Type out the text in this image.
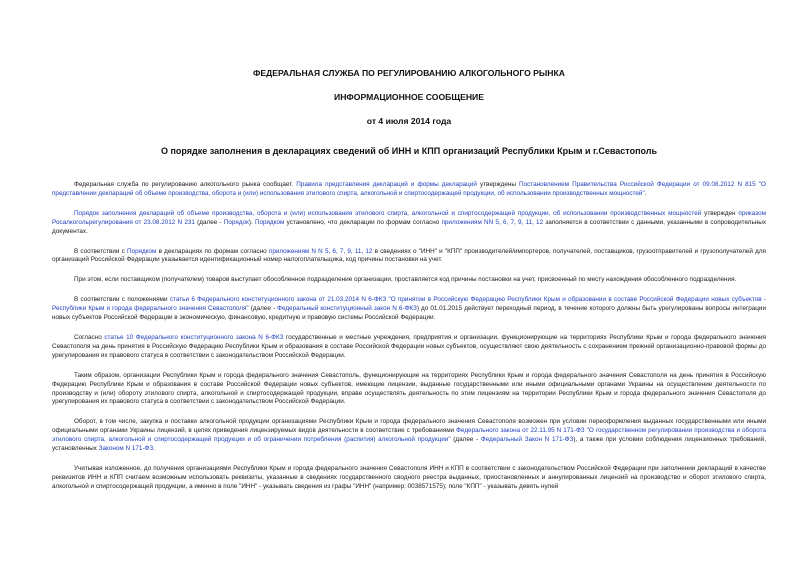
ФЕДЕРАЛЬНАЯ СЛУЖБА ПО РЕГУЛИРОВАНИЮ АЛКОГОЛЬНОГО РЫНКА
ИНФОРМАЦИОННОЕ СООБЩЕНИЕ
от 4 июля 2014 года
О порядке заполнения в декларациях сведений об ИНН и КПП организаций Республики Крым и г.Севастополь
Федеральная служба по регулированию алкогольного рынка сообщает. Правила представления деклараций и формы деклараций утверждены Постановлением Правительства Российской Федерации от 09.08.2012 N 815 "О представлении деклараций об объеме производства, оборота и (или) использования этилового спирта, алкогольной и спиртосодержащей продукции, об использовании производственных мощностей".
Порядок заполнения деклараций об объеме производства, оборота и (или) использования этилового спирта, алкогольной и спиртосодержащей продукции, об использовании производственных мощностей утвержден приказом Росалкогольрегулирования от 23.08.2012 N 231 (далее - Порядок). Порядком установлено, что декларации по формам согласно приложениям NN 5, 6, 7, 9, 11, 12 заполняется в соответствии с данными, указанными в сопроводительных документах.
В соответствии с Порядком в декларациях по формам согласно приложениям N N 5, 6, 7, 9, 11, 12 в сведениях о "ИНН" и "КПП" производителей/импортеров, получателей, поставщиков, грузоотправителей и грузополучателей для организаций Российской Федерации указывается идентификационный номер налогоплательщика, код причины постановки на учет.
При этом, если поставщиком (получателем) товаров выступает обособленное подразделение организации, проставляется код причины постановки на учет, присвоенный по месту нахождения обособленного подразделения.
В соответствии с положениями статьи 6 Федерального конституционного закона от 21.03.2014 N 6-ФКЗ "О принятии в Российскую Федерацию Республики Крым и образовании в составе Российской Федерации новых субъектов - Республики Крым и города федерального значения Севастополя" (далее - Федеральный конституционный закон N 6-ФКЗ) до 01.01.2015 действует переходный период, в течение которого должны быть урегулированы вопросы интеграции новых субъектов Российской Федерации в экономическую, финансовую, кредитную и правовую системы Российской Федерации.
Согласно статье 10 Федерального конституционного закона N 6-ФКЗ государственные и местные учреждения, предприятия и организации, функционирующие на территориях Республики Крым и города федерального значения Севастополя на день принятия в Российскую Федерацию Республики Крым и образования в составе Российской Федерации новых субъектов, осуществляют свою деятельность с сохранением прежней организационно-правовой формы до урегулирования их правового статуса в соответствии с законодательством Российской Федерации.
Таким образом, организации Республики Крым и города федерального значения Севастополь, функционирующие на территориях Республики Крым и города федерального значения Севастополя на день принятия в Российскую Федерацию Республики Крым и образования в составе Российской Федерации новых субъектов, имеющие лицензии, выданные государственными или иными официальными органами Украины на осуществление деятельности по производству и (или) обороту этилового спирта, алкогольной и спиртосодержащей продукции, вправе осуществлять деятельность по этим лицензиям на территории Республики Крым и города федерального значения Севастополя до урегулирования их правового статуса в соответствии с законодательством Российской Федерации.
Оборот, в том числе, закупка и поставки алкогольной продукции организациями Республики Крым и города федерального значения Севастополя возможен при условии переоформления выданных государственными или иными официальными органами Украины лицензий, в целях приведения лицензируемых видов деятельности в соответствие с требованиями Федерального закона от 22.11.95 N 171-ФЗ "О государственном регулировании производства и оборота этилового спирта, алкогольной и спиртосодержащей продукции и об ограничении потребления (распития) алкогольной продукции" (далее - Федеральный Закон N 171-ФЗ), а также при условии соблюдения лицензионных требований, установленных Законом N 171-ФЗ.
Учитывая изложенное, до получения организациями Республики Крым и города федерального значения Севастополя ИНН и КПП в соответствии с законодательством Российской Федерации при заполнении деклараций в качестве реквизитов ИНН и КПП считаем возможным использовать реквизиты, указанные в сведениях государственного сводного реестра выданных, приостановленных и аннулированных лицензий на производство и оборот этилового спирта, алкогольной и спиртосодержащей продукции, а именно в поле "ИНН" - указывать сведения из графы "ИНН" (например: 0038571575); поле "КПП" - указывать девять нулей
